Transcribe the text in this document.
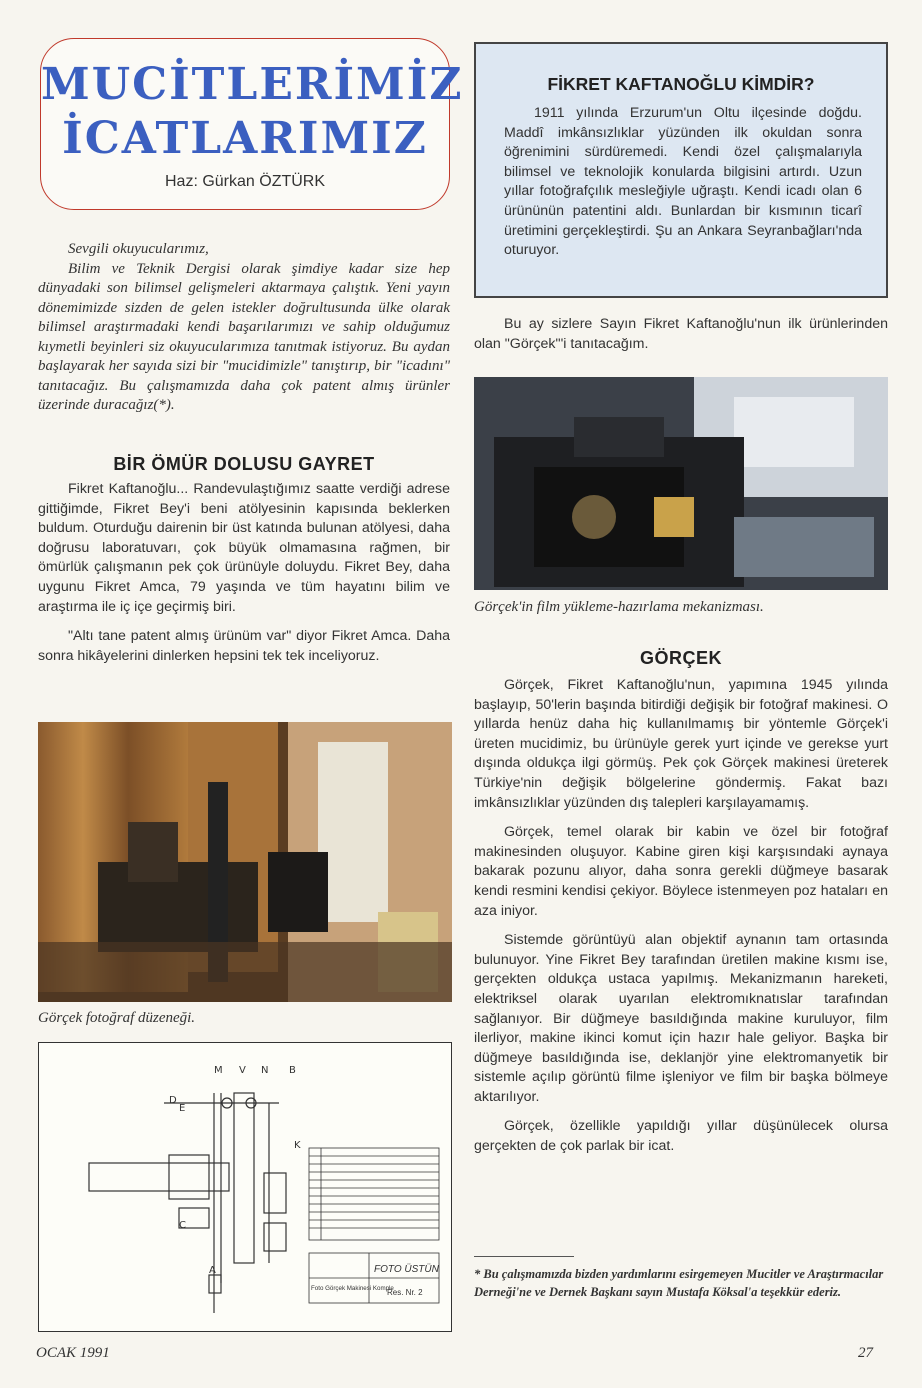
MUCİTLERİMİZ
İCATLARIMIZ
Haz: Gürkan ÖZTÜRK

Sevgili okuyucularımız,

Bilim ve Teknik Dergisi olarak şimdiye kadar size hep dünyadaki son bilimsel gelişmeleri aktarmaya çalıştık. Yeni yayın dönemimizde sizden de gelen istekler doğrultusunda ülke olarak bilimsel araştırmadaki kendi başarılarımızı ve sahip olduğumuz kıymetli beyinleri siz okuyucularımıza tanıtmak istiyoruz. Bu aydan başlayarak her sayıda sizi bir "mucidimizle" tanıştırıp, bir "icadını" tanıtacağız. Bu çalışmamızda daha çok patent almış ürünler üzerinde duracağız(*).

BİR ÖMÜR DOLUSU GAYRET

Fikret Kaftanoğlu... Randevulaştığımız saatte verdiği adrese gittiğimde, Fikret Bey'i beni atölyesinin kapısında beklerken buldum. Oturduğu dairenin bir üst katında bulunan atölyesi, daha doğrusu laboratuvarı, çok büyük olmamasına rağmen, bir ömürlük çalışmanın pek çok ürünüyle doluydu. Fikret Bey, daha uygunu Fikret Amca, 79 yaşında ve tüm hayatını bilim ve araştırma ile iç içe geçirmiş biri.

"Altı tane patent almış ürünüm var" diyor Fikret Amca. Daha sonra hikâyelerini dinlerken hepsini tek tek inceliyoruz.

Görçek fotoğraf düzeneği.
M V N B
D
E
K
C
A	FOTO ÜSTÜN
Foto Görçek Makinesi Komple
Res. Nr. 2
FİKRET KAFTANOĞLU KİMDİR?
1911 yılında Erzurum'un Oltu ilçesinde doğdu. Maddî imkânsızlıklar yüzünden ilk okuldan sonra öğrenimini sürdüremedi. Kendi özel çalışmalarıyla bilimsel ve teknolojik konularda bilgisini artırdı. Uzun yıllar fotoğrafçılık mesleğiyle uğraştı. Kendi icadı olan 6 ürününün patentini aldı. Bunlardan bir kısmının ticarî üretimini gerçekleştirdi. Şu an Ankara Seyranbağları'nda oturuyor.

Bu ay sizlere Sayın Fikret Kaftanoğlu'nun ilk ürünlerinden olan "Görçek"'i tanıtacağım.

Görçek'in film yükleme-hazırlama mekanizması.
GÖRÇEK

Görçek, Fikret Kaftanoğlu'nun, yapımına 1945 yılında başlayıp, 50'lerin başında bitirdiği değişik bir fotoğraf makinesi. O yıllarda henüz daha hiç kullanılmamış bir yöntemle Görçek'i üreten mucidimiz, bu ürünüyle gerek yurt içinde ve gerekse yurt dışında oldukça ilgi görmüş. Pek çok Görçek makinesi üreterek Türkiye'nin değişik bölgelerine göndermiş. Fakat bazı imkânsızlıklar yüzünden dış talepleri karşılayamamış.

Görçek, temel olarak bir kabin ve özel bir fotoğraf makinesinden oluşuyor. Kabine giren kişi karşısındaki aynaya bakarak pozunu alıyor, daha sonra gerekli düğmeye basarak kendi resmini kendisi çekiyor. Böylece istenmeyen poz hataları en aza iniyor.

Sistemde görüntüyü alan objektif aynanın tam ortasında bulunuyor. Yine Fikret Bey tarafından üretilen makine kısmı ise, gerçekten oldukça ustaca yapılmış. Mekanizmanın hareketi, elektriksel olarak uyarılan elektromıknatıslar tarafından sağlanıyor. Bir düğmeye basıldığında makine kuruluyor, film ilerliyor, makine ikinci komut için hazır hale geliyor. Başka bir düğmeye basıldığında ise, deklanjör yine elektromanyetik bir sistemle açılıp görüntü filme işleniyor ve film bir başka bölmeye aktarılıyor.

Görçek, özellikle yapıldığı yıllar düşünülecek olursa gerçekten de çok parlak bir icat.

* Bu çalışmamızda bizden yardımlarını esirgemeyen Mucitler ve Araştırmacılar Derneği'ne ve Dernek Başkanı sayın Mustafa Köksal'a teşekkür ederiz.
OCAK 1991	27
